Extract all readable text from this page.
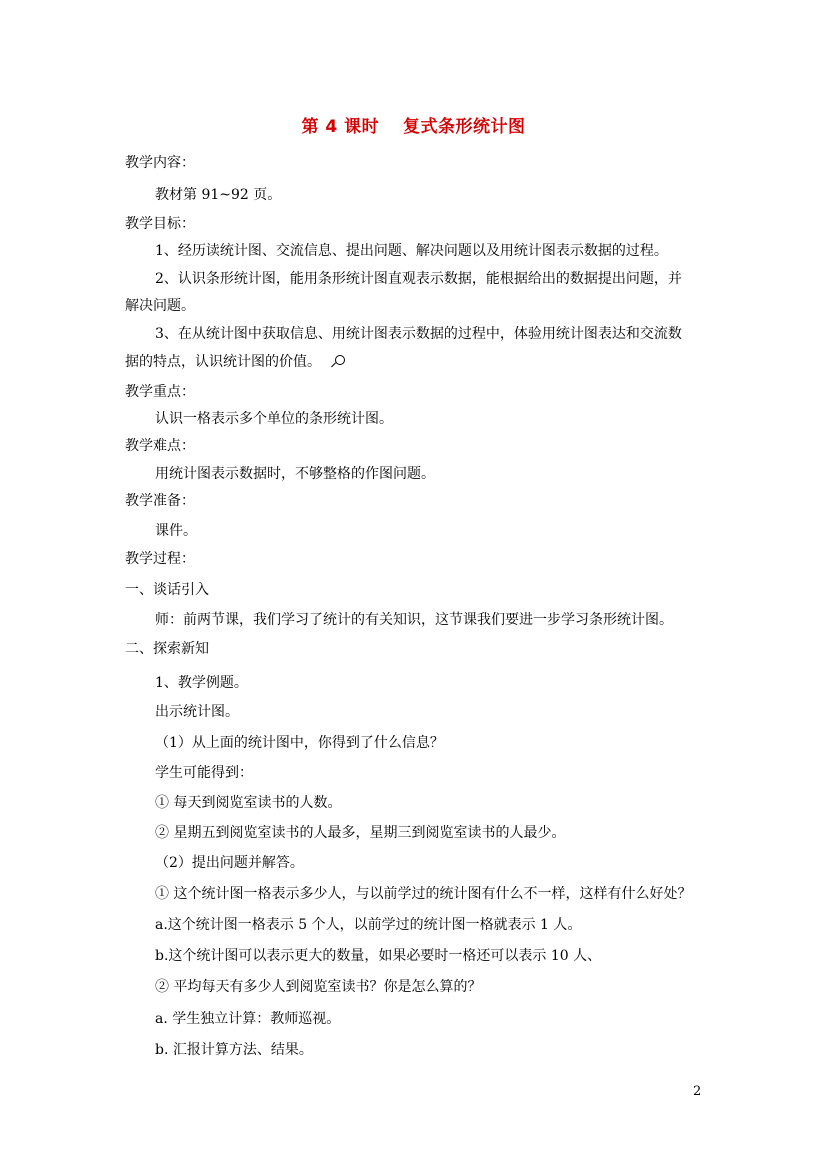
第 4 课时　 复式条形统计图
教学内容：
教材第 91~92 页。
教学目标：
1、经历读统计图、交流信息、提出问题、解决问题以及用统计图表示数据的过程。
2、认识条形统计图，能用条形统计图直观表示数据，能根据给出的数据提出问题，并
解决问题。
3、在从统计图中获取信息、用统计图表示数据的过程中，体验用统计图表达和交流数
据的特点，认识统计图的价值。
教学重点：
认识一格表示多个单位的条形统计图。
教学难点：
用统计图表示数据时，不够整格的作图问题。
教学准备：
课件。
教学过程：
一、谈话引入
师：前两节课，我们学习了统计的有关知识，这节课我们要进一步学习条形统计图。
二、探索新知
1、教学例题。
出示统计图。
（1）从上面的统计图中，你得到了什么信息？
学生可能得到：
① 每天到阅览室读书的人数。
② 星期五到阅览室读书的人最多，星期三到阅览室读书的人最少。
（2）提出问题并解答。
① 这个统计图一格表示多少人，与以前学过的统计图有什么不一样，这样有什么好处？
a.这个统计图一格表示 5 个人，以前学过的统计图一格就表示 1 人。
b.这个统计图可以表示更大的数量，如果必要时一格还可以表示 10 人、
② 平均每天有多少人到阅览室读书？你是怎么算的？
a. 学生独立计算：教师巡视。
b. 汇报计算方法、结果。
2
